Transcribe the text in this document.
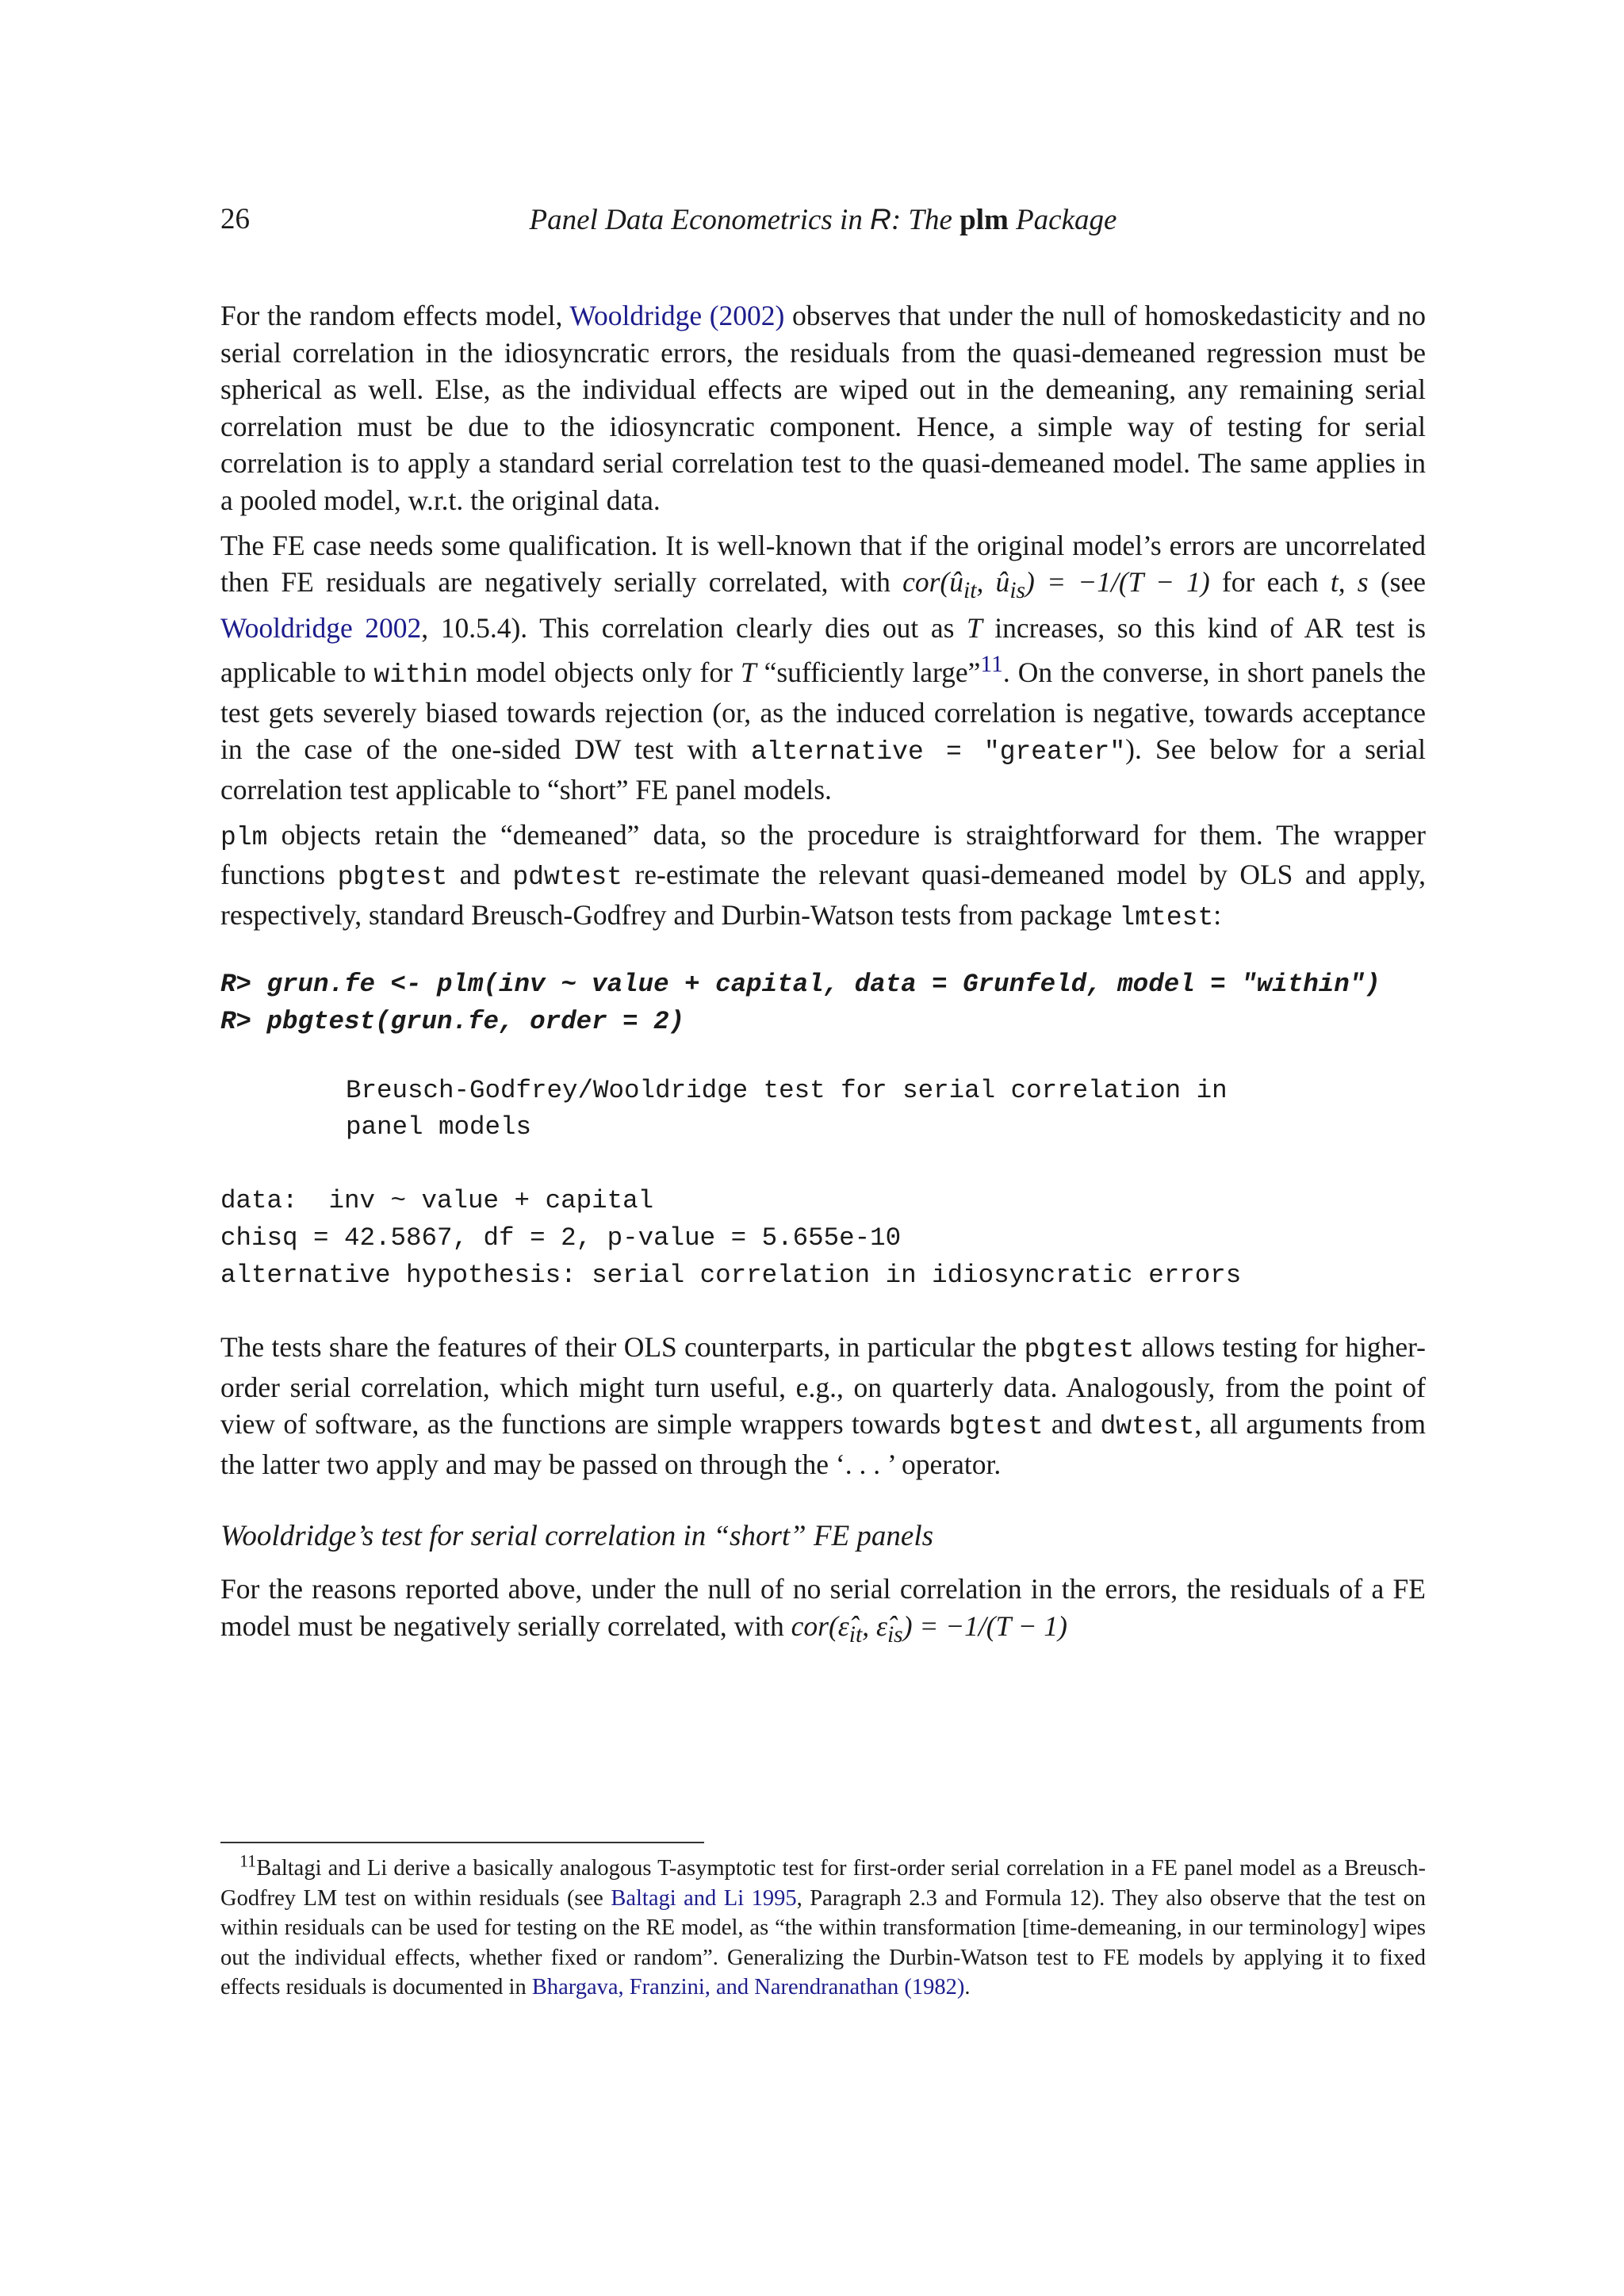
26	Panel Data Econometrics in R: The plm Package

For the random effects model, Wooldridge (2002) observes that under the null of homoskedasticity and no serial correlation in the idiosyncratic errors, the residuals from the quasi-demeaned regression must be spherical as well. Else, as the individual effects are wiped out in the demeaning, any remaining serial correlation must be due to the idiosyncratic component. Hence, a simple way of testing for serial correlation is to apply a standard serial correlation test to the quasi-demeaned model. The same applies in a pooled model, w.r.t. the original data.

The FE case needs some qualification. It is well-known that if the original model’s errors are uncorrelated then FE residuals are negatively serially correlated, with $cor(û_{it}$, $û_{is}) = -1/(T - 1)$ for each t, s (see Wooldridge 2002, 10.5.4). This correlation clearly dies out as T increases, so this kind of AR test is applicable to within model objects only for T “sufficiently large”$^{11}$. On the converse, in short panels the test gets severely biased towards rejection (or, as the induced correlation is negative, towards acceptance in the case of the one-sided DW test with alternative = "greater"). See below for a serial correlation test applicable to “short” FE panel models.

plm objects retain the “demeaned” data, so the procedure is straightforward for them. The wrapper functions pbgtest and pdwtest re-estimate the relevant quasi-demeaned model by OLS and apply, respectively, standard Breusch-Godfrey and Durbin-Watson tests from package lmtest:

R> grun.fe <- plm(inv ~ value + capital, data = Grunfeld, model = "within")
R> pbgtest(grun.fe, order = 2)
Breusch-Godfrey/Wooldridge test for serial correlation in
panel models
data:  inv ~ value + capital
chisq = 42.5867, df = 2, p-value = 5.655e-10
alternative hypothesis: serial correlation in idiosyncratic errors

The tests share the features of their OLS counterparts, in particular the pbgtest allows testing for higher-order serial correlation, which might turn useful, e.g., on quarterly data. Analogously, from the point of view of software, as the functions are simple wrappers towards bgtest and dwtest, all arguments from the latter two apply and may be passed on through the ‘. . . ’ operator.

Wooldridge’s test for serial correlation in “short” FE panels

For the reasons reported above, under the null of no serial correlation in the errors, the residuals of a FE model must be negatively serially correlated, with $cor(\varepsilon̂_{it}$, $\varepsilon̂_{is}) = -1/(T - 1)$

$^{11}$Baltagi and Li derive a basically analogous T-asymptotic test for first-order serial correlation in a FE panel model as a Breusch-Godfrey LM test on within residuals (see Baltagi and Li 1995, Paragraph 2.3 and Formula 12). They also observe that the test on within residuals can be used for testing on the RE model, as “the within transformation [time-demeaning, in our terminology] wipes out the individual effects, whether fixed or random”. Generalizing the Durbin-Watson test to FE models by applying it to fixed effects residuals is documented in Bhargava, Franzini, and Narendranathan (1982).
